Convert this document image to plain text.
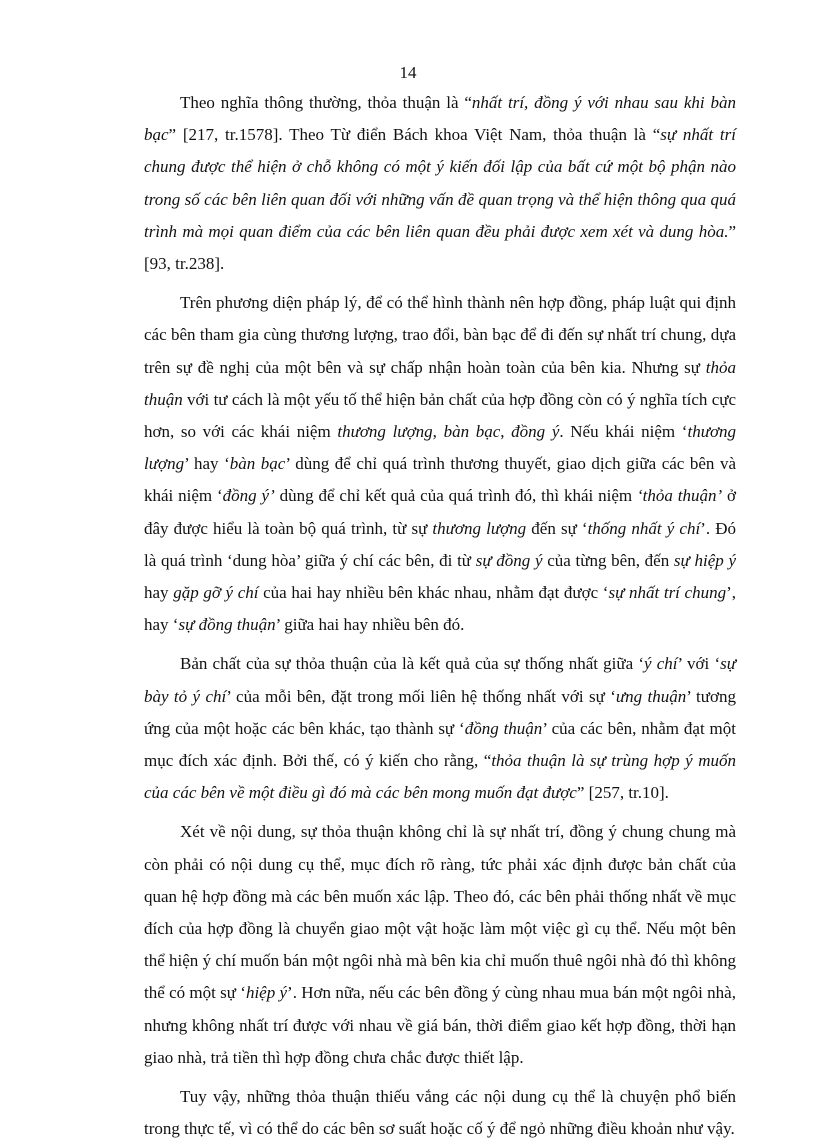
14

Theo nghĩa thông thường, thỏa thuận là “nhất trí, đồng ý với nhau sau khi bàn bạc” [217, tr.1578]. Theo Từ điển Bách khoa Việt Nam, thỏa thuận là “sự nhất trí chung được thể hiện ở chỗ không có một ý kiến đối lập của bất cứ một bộ phận nào trong số các bên liên quan đối với những vấn đề quan trọng và thể hiện thông qua quá trình mà mọi quan điểm của các bên liên quan đều phải được xem xét và dung hòa.” [93, tr.238].

Trên phương diện pháp lý, để có thể hình thành nên hợp đồng, pháp luật qui định các bên tham gia cùng thương lượng, trao đổi, bàn bạc để đi đến sự nhất trí chung, dựa trên sự đề nghị của một bên và sự chấp nhận hoàn toàn của bên kia. Nhưng sự thỏa thuận với tư cách là một yếu tố thể hiện bản chất của hợp đồng còn có ý nghĩa tích cực hơn, so với các khái niệm thương lượng, bàn bạc, đồng ý. Nếu khái niệm ‘thương lượng’ hay ‘bàn bạc’ dùng để chỉ quá trình thương thuyết, giao dịch giữa các bên và khái niệm ‘đồng ý’ dùng để chỉ kết quả của quá trình đó, thì khái niệm ‘thỏa thuận’ ở đây được hiểu là toàn bộ quá trình, từ sự thương lượng đến sự ‘thống nhất ý chí’. Đó là quá trình ‘dung hòa’ giữa ý chí các bên, đi từ sự đồng ý của từng bên, đến sự hiệp ý hay gặp gỡ ý chí của hai hay nhiều bên khác nhau, nhằm đạt được ‘sự nhất trí chung’, hay ‘sự đồng thuận’ giữa hai hay nhiều bên đó.

Bản chất của sự thỏa thuận của là kết quả của sự thống nhất giữa ‘ý chí’ với ‘sự bày tỏ ý chí’ của mỗi bên, đặt trong mối liên hệ thống nhất với sự ‘ưng thuận’ tương ứng của một hoặc các bên khác, tạo thành sự ‘đồng thuận’ của các bên, nhằm đạt một mục đích xác định. Bởi thế, có ý kiến cho rằng, “thỏa thuận là sự trùng hợp ý muốn của các bên về một điều gì đó mà các bên mong muốn đạt được” [257, tr.10].

Xét về nội dung, sự thỏa thuận không chỉ là sự nhất trí, đồng ý chung chung mà còn phải có nội dung cụ thể, mục đích rõ ràng, tức phải xác định được bản chất của quan hệ hợp đồng mà các bên muốn xác lập. Theo đó, các bên phải thống nhất về mục đích của hợp đồng là chuyển giao một vật hoặc làm một việc gì cụ thể. Nếu một bên thể hiện ý chí muốn bán một ngôi nhà mà bên kia chỉ muốn thuê ngôi nhà đó thì không thể có một sự ‘hiệp ý’. Hơn nữa, nếu các bên đồng ý cùng nhau mua bán một ngôi nhà, nhưng không nhất trí được với nhau về giá bán, thời điểm giao kết hợp đồng, thời hạn giao nhà, trả tiền thì hợp đồng chưa chắc được thiết lập.

Tuy vậy, những thỏa thuận thiếu vắng các nội dung cụ thể là chuyện phổ biến trong thực tế, vì có thể do các bên sơ suất hoặc cố ý để ngỏ những điều khoản như vậy.
